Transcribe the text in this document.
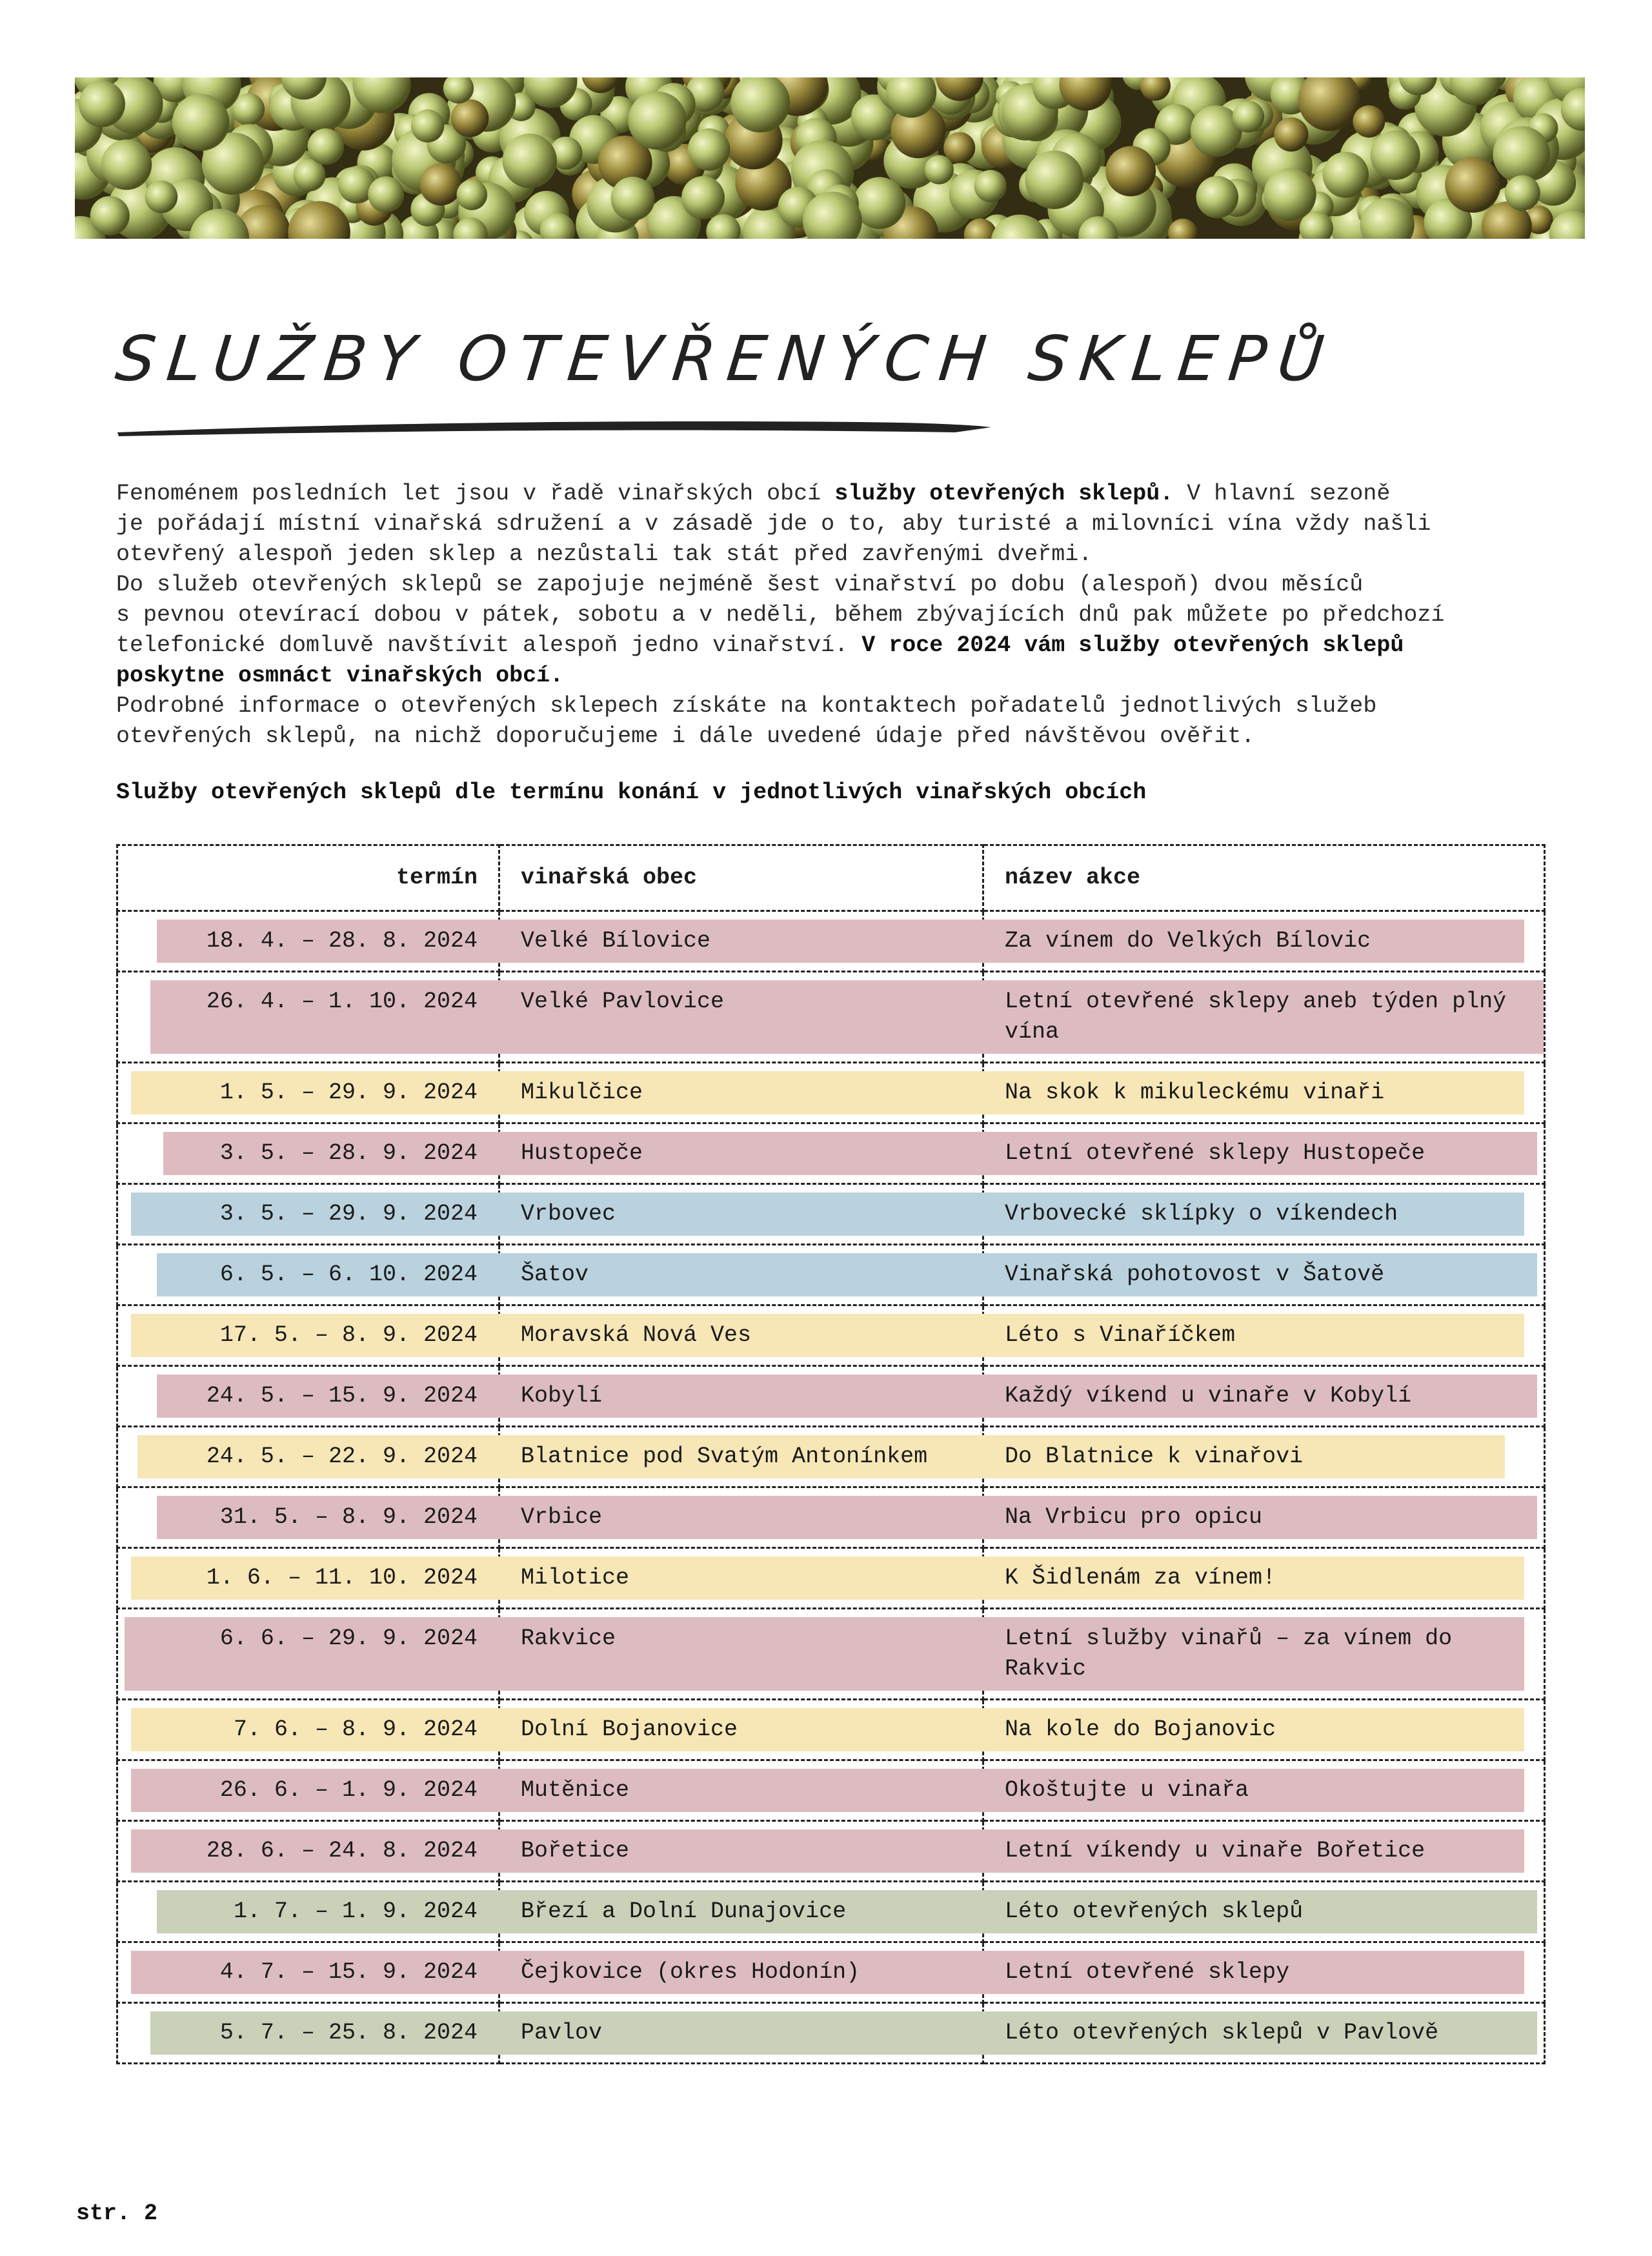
SLUŽBY OTEVŘENÝCH SKLEPŮ
Fenoménem posledních let jsou v řadě vinařských obcí služby otevřených sklepů. V hlavní sezoně
je pořádají místní vinařská sdružení a v zásadě jde o to, aby turisté a milovníci vína vždy našli
otevřený alespoň jeden sklep a nezůstali tak stát před zavřenými dveřmi.
Do služeb otevřených sklepů se zapojuje nejméně šest vinařství po dobu (alespoň) dvou měsíců
s pevnou otevírací dobou v pátek, sobotu a v neděli, během zbývajících dnů pak můžete po předchozí
telefonické domluvě navštívit alespoň jedno vinařství. V roce 2024 vám služby otevřených sklepů
poskytne osmnáct vinařských obcí.
Podrobné informace o otevřených sklepech získáte na kontaktech pořadatelů jednotlivých služeb
otevřených sklepů, na nichž doporučujeme i dále uvedené údaje před návštěvou ověřit.
Služby otevřených sklepů dle termínu konání v jednotlivých vinařských obcích
termín	vinařská obec	název akce

18. 4. – 28. 8. 2024	Velké Bílovice	Za vínem do Velkých Bílovic

26. 4. – 1. 10. 2024	Velké Pavlovice	Letní otevřené sklepy aneb týden plný vína

1. 5. – 29. 9. 2024	Mikulčice	Na skok k mikuleckému vinaři

3. 5. – 28. 9. 2024	Hustopeče	Letní otevřené sklepy Hustopeče

3. 5. – 29. 9. 2024	Vrbovec	Vrbovecké sklípky o víkendech

6. 5. – 6. 10. 2024	Šatov	Vinařská pohotovost v Šatově

17. 5. – 8. 9. 2024	Moravská Nová Ves	Léto s Vinaříčkem

24. 5. – 15. 9. 2024	Kobylí	Každý víkend u vinaře v Kobylí

24. 5. – 22. 9. 2024	Blatnice pod Svatým Antonínkem	Do Blatnice k vinařovi

31. 5. – 8. 9. 2024	Vrbice	Na Vrbicu pro opicu

1. 6. – 11. 10. 2024	Milotice	K Šidlenám za vínem!

6. 6. – 29. 9. 2024	Rakvice	Letní služby vinařů – za vínem do Rakvic

7. 6. – 8. 9. 2024	Dolní Bojanovice	Na kole do Bojanovic

26. 6. – 1. 9. 2024	Mutěnice	Okoštujte u vinařa

28. 6. – 24. 8. 2024	Bořetice	Letní víkendy u vinaře Bořetice

1. 7. – 1. 9. 2024	Březí a Dolní Dunajovice	Léto otevřených sklepů

4. 7. – 15. 9. 2024	Čejkovice (okres Hodonín)	Letní otevřené sklepy

5. 7. – 25. 8. 2024	Pavlov	Léto otevřených sklepů v Pavlově
str. 2
